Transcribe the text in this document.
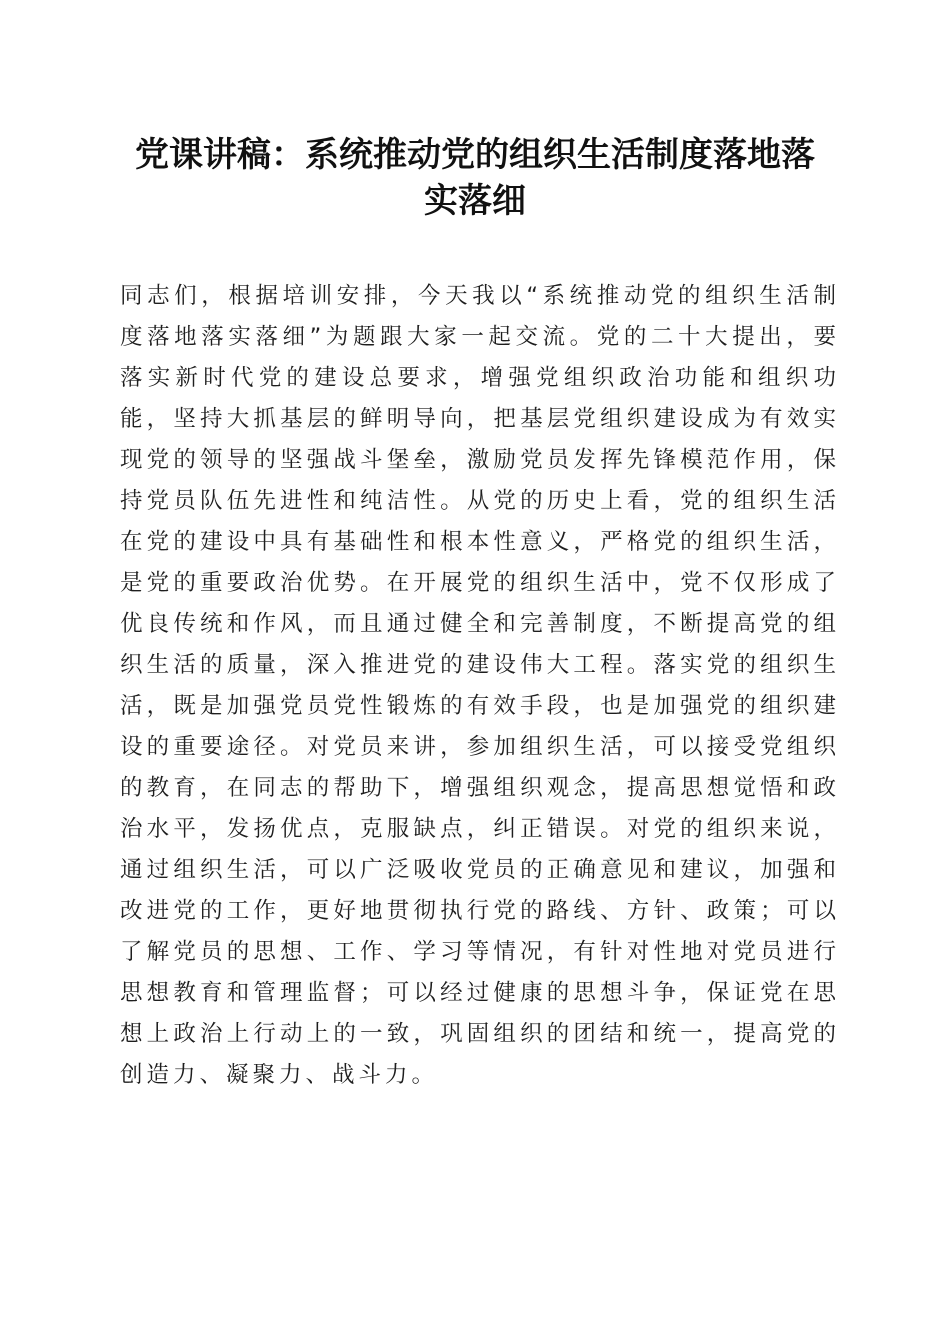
党课讲稿：系统推动党的组织生活制度落地落
实落细

同志们，根据培训安排，今天我以“系统推动党的组织生活制度落地落实落细”为题跟大家一起交流。党的二十大提出，要落实新时代党的建设总要求，增强党组织政治功能和组织功能，坚持大抓基层的鲜明导向，把基层党组织建设成为有效实现党的领导的坚强战斗堡垒，激励党员发挥先锋模范作用，保持党员队伍先进性和纯洁性。从党的历史上看，党的组织生活在党的建设中具有基础性和根本性意义，严格党的组织生活，是党的重要政治优势。在开展党的组织生活中，党不仅形成了优良传统和作风，而且通过健全和完善制度，不断提高党的组织生活的质量，深入推进党的建设伟大工程。落实党的组织生活，既是加强党员党性锻炼的有效手段，也是加强党的组织建设的重要途径。对党员来讲，参加组织生活，可以接受党组织的教育，在同志的帮助下，增强组织观念，提高思想觉悟和政治水平，发扬优点，克服缺点，纠正错误。对党的组织来说，通过组织生活，可以广泛吸收党员的正确意见和建议，加强和改进党的工作，更好地贯彻执行党的路线、方针、政策；可以了解党员的思想、工作、学习等情况，有针对性地对党员进行思想教育和管理监督；可以经过健康的思想斗争，保证党在思想上政治上行动上的一致，巩固组织的团结和统一，提高党的创造力、凝聚力、战斗力。
